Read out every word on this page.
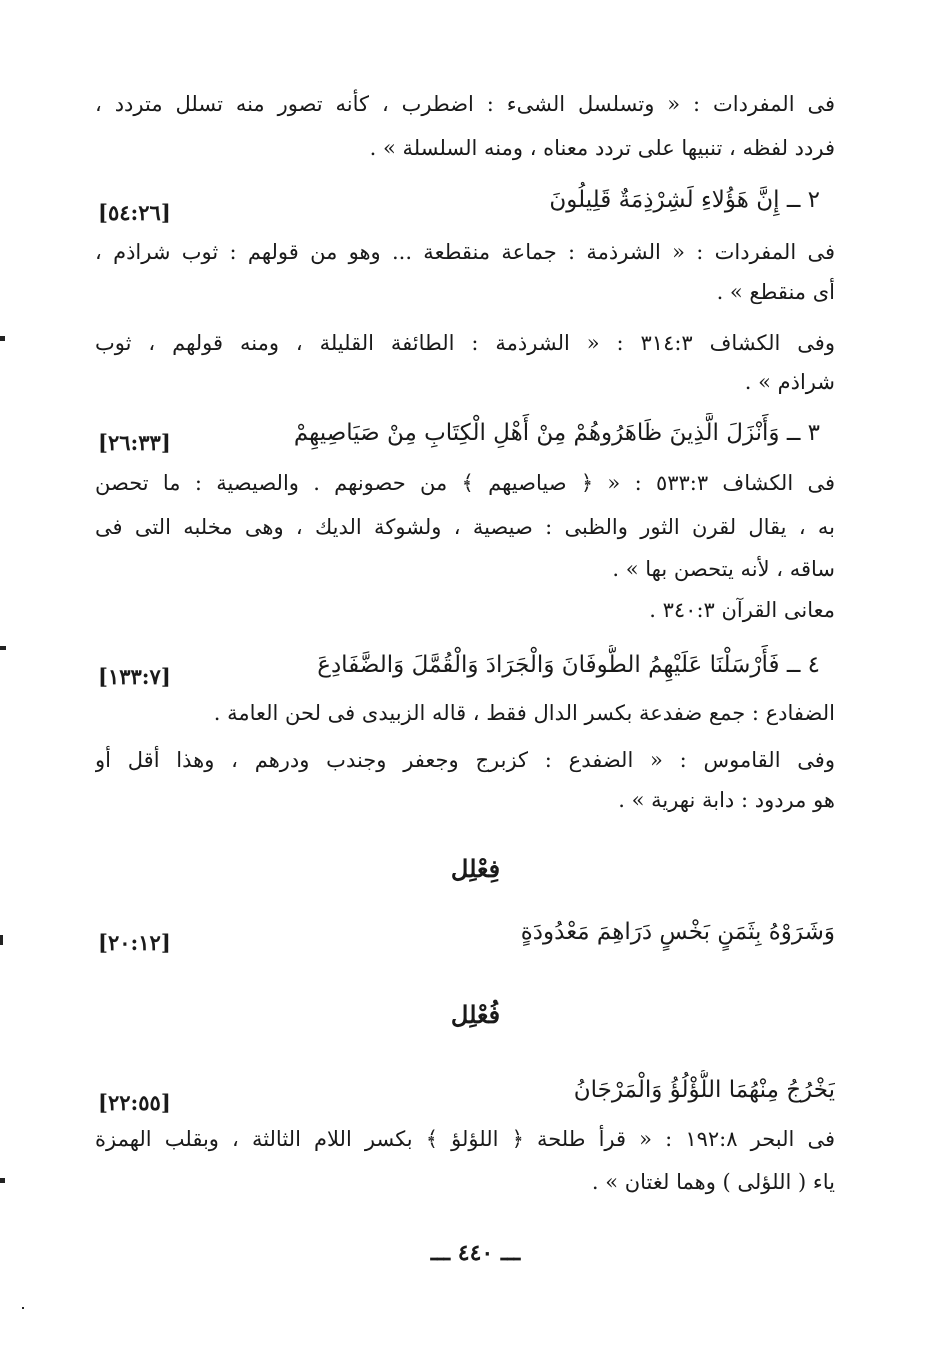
فى المفردات : « وتسلسل الشىء : اضطرب ، كأنه تصور منه تسلل متردد ،
فردد لفظه ، تنبيها على تردد معناه ، ومنه السلسلة » .
٢ ــ إِنَّ هَؤُلاءِ لَشِرْذِمَةٌ قَلِيلُونَ
[٥٤:٢٦]
فى المفردات : « الشرذمة : جماعة منقطعة ... وهو من قولهم : ثوب شراذم ،
أى منقطع » .
وفى الكشاف ٣١٤:٣ : « الشرذمة : الطائفة القليلة ، ومنه قولهم ، ثوب
شراذم » .
٣ ــ وَأَنْزَلَ الَّذِينَ ظَاهَرُوهُمْ مِنْ أَهْلِ الْكِتَابِ مِنْ صَيَاصِيهِمْ
[٢٦:٣٣]
فى الكشاف ٥٣٣:٣ : « ﴿ صياصيهم ﴾ من حصونهم . والصيصية : ما تحصن
به ، يقال لقرن الثور والظبى : صيصية ، ولشوكة الديك ، وهى مخلبه التى فى
ساقه ، لأنه يتحصن بها » .
معانى القرآن ٣٤٠:٣ .
٤ ــ فَأَرْسَلْنَا عَلَيْهِمُ الطُّوفَانَ وَالْجَرَادَ وَالْقُمَّلَ وَالضَّفَادِعَ
[١٣٣:٧]
الضفادع : جمع ضفدعة بكسر الدال فقط ، قاله الزبيدى فى لحن العامة .
وفى القاموس : « الضفدع : كزبرج وجعفر وجندب ودرهم ، وهذا أقل أو
هو مردود : دابة نهرية » .
فِعْلِل
وَشَرَوْهُ بِثَمَنٍ بَخْسٍ دَرَاهِمَ مَعْدُودَةٍ
[٢٠:١٢]
فُعْلِل
يَخْرُجُ مِنْهُمَا اللُّؤْلُؤُ وَالْمَرْجَانُ
[٢٢:٥٥]
فى البحر ١٩٢:٨ : « قرأ طلحة ﴿ اللؤلؤ ﴾ بكسر اللام الثالثة ، وبقلب الهمزة
ياء ( اللؤلى ) وهما لغتان » .
ـــ ٤٤٠ ـــ
